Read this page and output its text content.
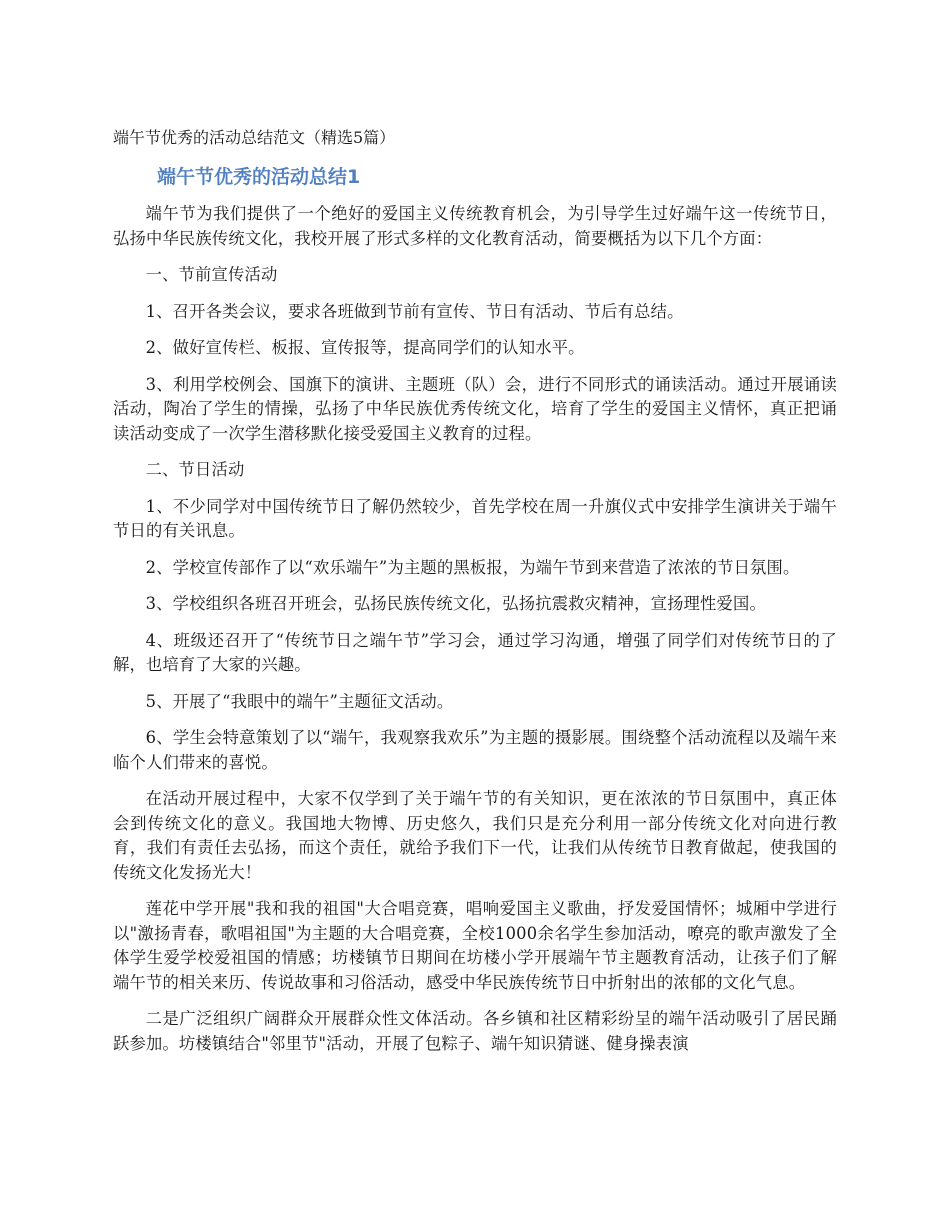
端午节优秀的活动总结范文（精选5篇）
端午节优秀的活动总结1

端午节为我们提供了一个绝好的爱国主义传统教育机会，为引导学生过好端午这一传统节日，弘扬中华民族传统文化，我校开展了形式多样的文化教育活动，简要概括为以下几个方面：

一、节前宣传活动

1、召开各类会议，要求各班做到节前有宣传、节日有活动、节后有总结。

2、做好宣传栏、板报、宣传报等，提高同学们的认知水平。

3、利用学校例会、国旗下的演讲、主题班（队）会，进行不同形式的诵读活动。通过开展诵读活动，陶冶了学生的情操，弘扬了中华民族优秀传统文化，培育了学生的爱国主义情怀，真正把诵读活动变成了一次学生潜移默化接受爱国主义教育的过程。

二、节日活动

1、不少同学对中国传统节日了解仍然较少，首先学校在周一升旗仪式中安排学生演讲关于端午节日的有关讯息。

2、学校宣传部作了以“欢乐端午”为主题的黑板报，为端午节到来营造了浓浓的节日氛围。

3、学校组织各班召开班会，弘扬民族传统文化，弘扬抗震救灾精神，宣扬理性爱国。

4、班级还召开了“传统节日之端午节”学习会，通过学习沟通，增强了同学们对传统节日的了解，也培育了大家的兴趣。

5、开展了“我眼中的端午”主题征文活动。

6、学生会特意策划了以“端午，我观察我欢乐”为主题的摄影展。围绕整个活动流程以及端午来临个人们带来的喜悦。

在活动开展过程中，大家不仅学到了关于端午节的有关知识，更在浓浓的节日氛围中，真正体会到传统文化的意义。我国地大物博、历史悠久，我们只是充分利用一部分传统文化对向进行教育，我们有责任去弘扬，而这个责任，就给予我们下一代，让我们从传统节日教育做起，使我国的传统文化发扬光大！

莲花中学开展"我和我的祖国"大合唱竞赛，唱响爱国主义歌曲，抒发爱国情怀；城厢中学进行以"激扬青春，歌唱祖国"为主题的大合唱竞赛，全校1000余名学生参加活动，嘹亮的歌声激发了全体学生爱学校爱祖国的情感；坊楼镇节日期间在坊楼小学开展端午节主题教育活动，让孩子们了解端午节的相关来历、传说故事和习俗活动，感受中华民族传统节日中折射出的浓郁的文化气息。

二是广泛组织广阔群众开展群众性文体活动。各乡镇和社区精彩纷呈的端午活动吸引了居民踊跃参加。坊楼镇结合"邻里节"活动，开展了包粽子、端午知识猜谜、健身操表演
